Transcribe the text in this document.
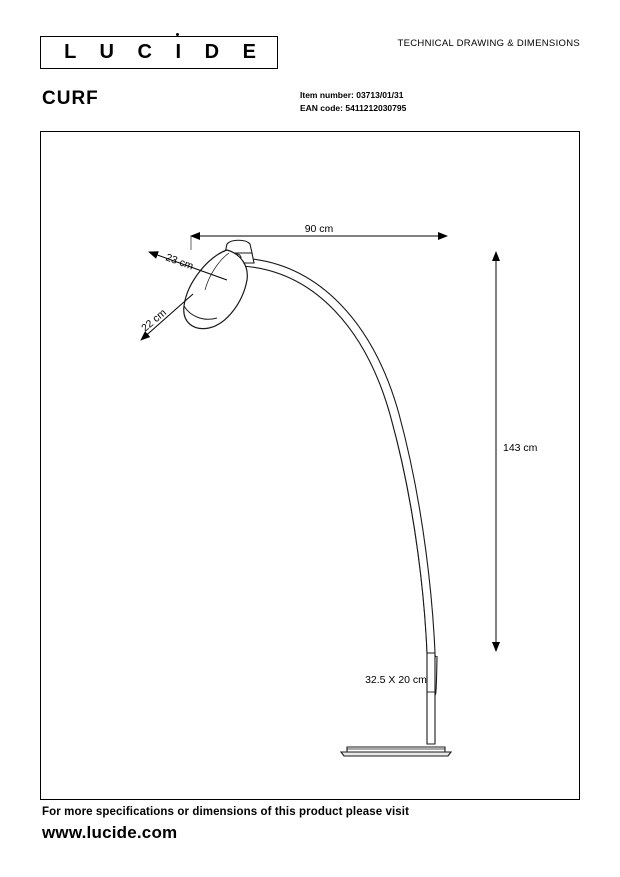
L U C I D E	TECHNICAL DRAWING & DIMENSIONS
CURF	Item number: 03713/01/31
EAN code: 5411212030795
90 cm
23 cm
22 cm
143 cm
32.5 X 20 cm
For more specifications or dimensions of this product please visit
www.lucide.com
